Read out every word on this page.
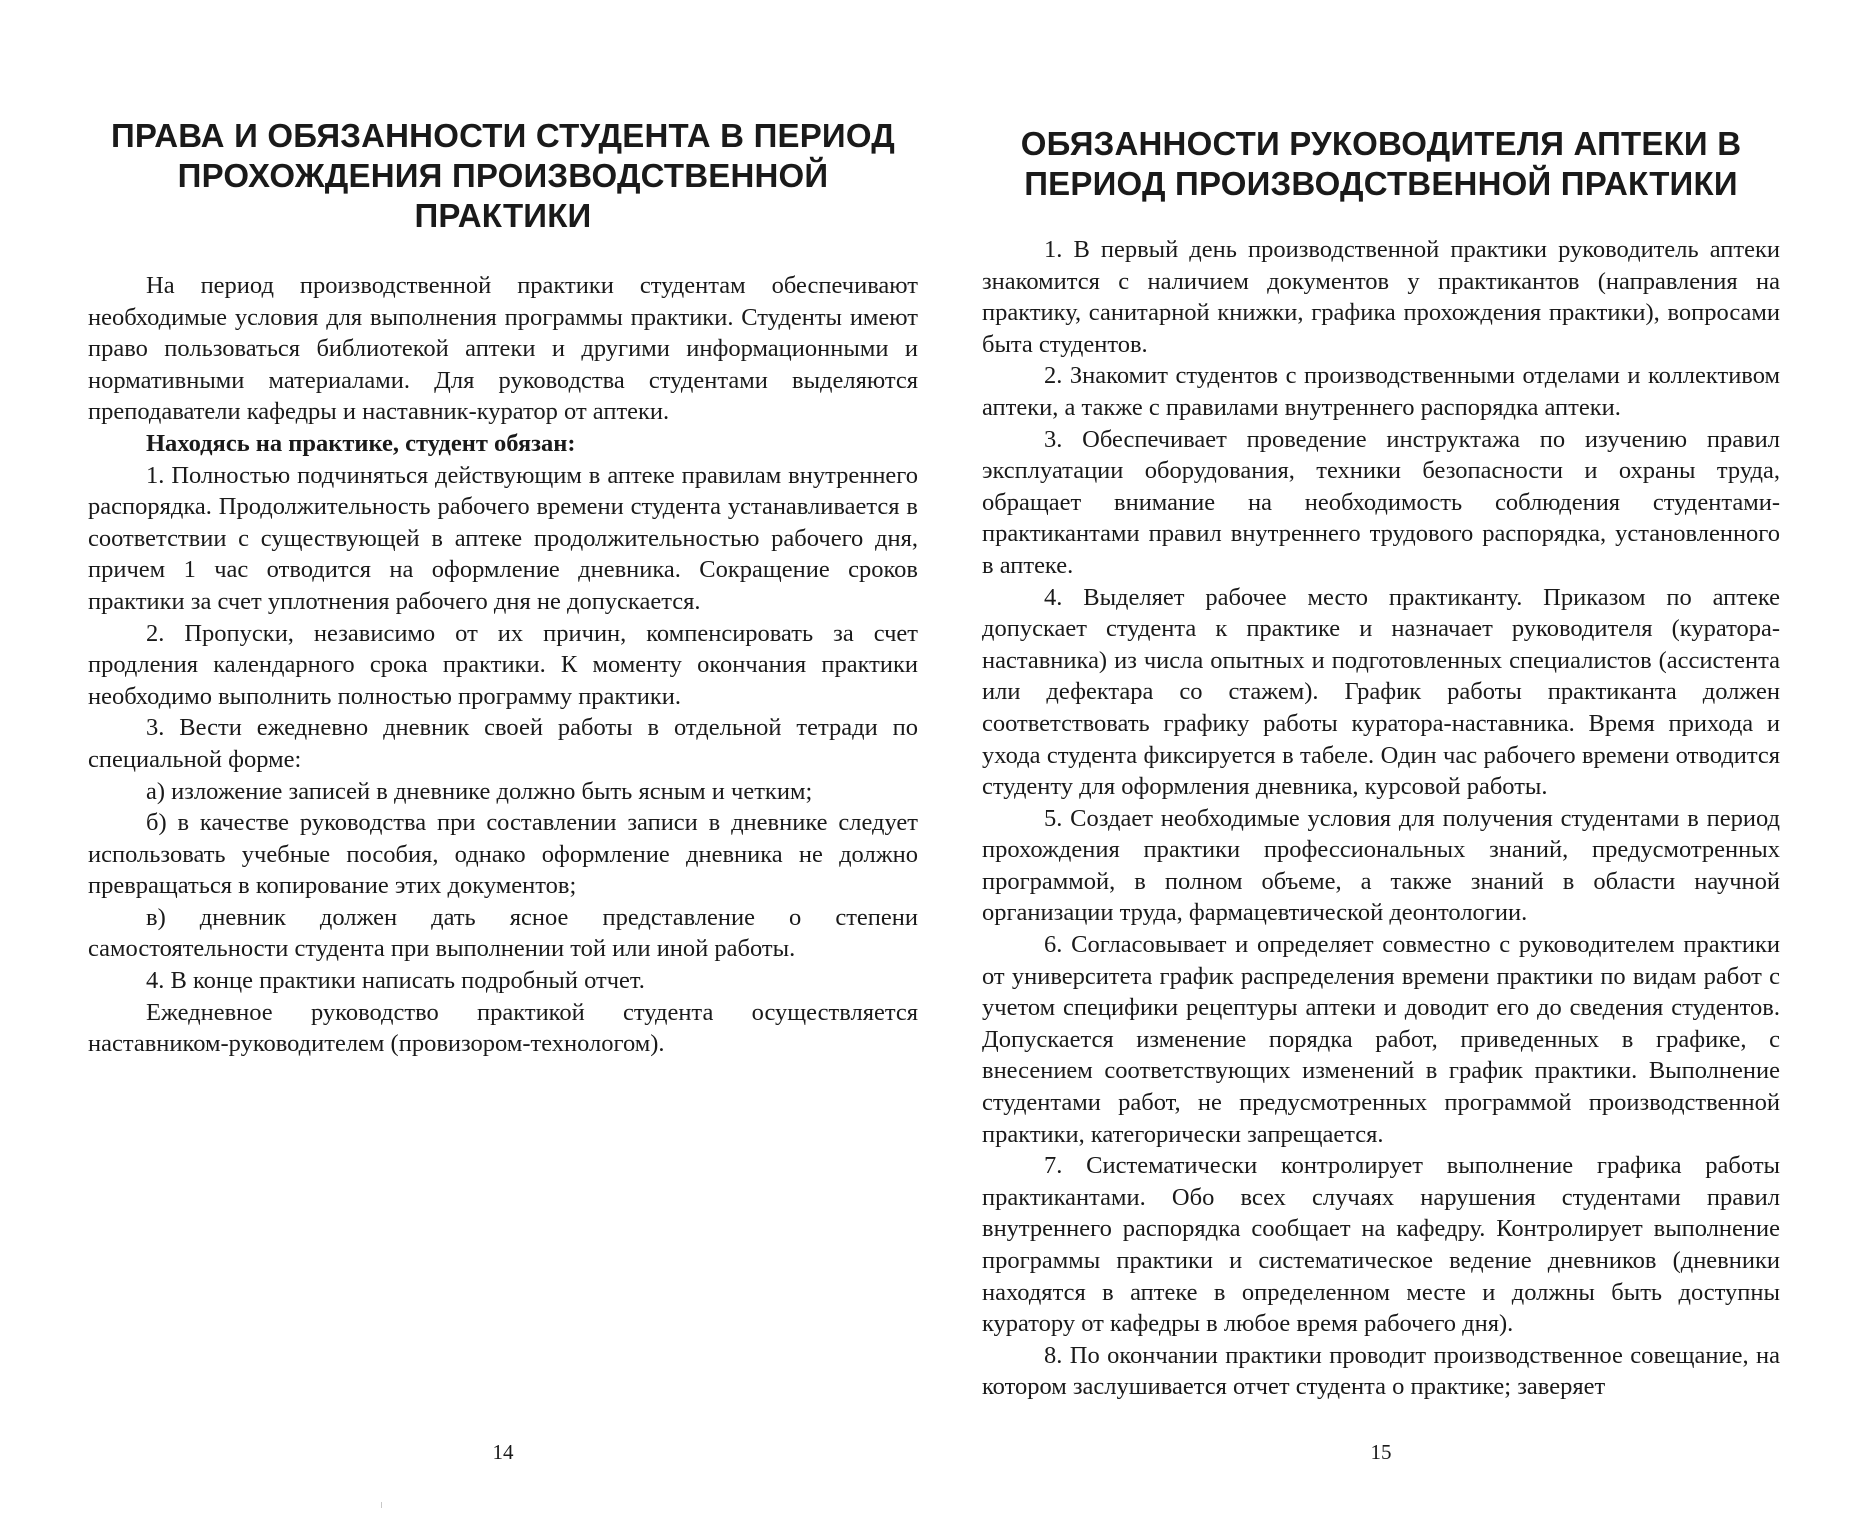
ПРАВА И ОБЯЗАННОСТИ СТУДЕНТА В ПЕРИОД ПРОХОЖДЕНИЯ ПРОИЗВОДСТВЕННОЙ ПРАКТИКИ

На период производственной практики студентам обеспечивают необходимые условия для выполнения программы практики. Студенты имеют право пользоваться библиотекой аптеки и другими информационными и нормативными материалами. Для руководства студентами выделяются преподаватели кафедры и наставник-куратор от аптеки.

Находясь на практике, студент обязан:

1. Полностью подчиняться действующим в аптеке правилам внутреннего распорядка. Продолжительность рабочего времени студента устанавливается в соответствии с существующей в аптеке продолжительностью рабочего дня, причем 1 час отводится на оформление дневника. Сокращение сроков практики за счет уплотнения рабочего дня не допускается.

2. Пропуски, независимо от их причин, компенсировать за счет продления календарного срока практики. К моменту окончания практики необходимо выполнить полностью программу практики.

3. Вести ежедневно дневник своей работы в отдельной тетради по специальной форме:

а) изложение записей в дневнике должно быть ясным и четким;

б) в качестве руководства при составлении записи в дневнике следует использовать учебные пособия, однако оформление дневника не должно превращаться в копирование этих документов;

в) дневник должен дать ясное представление о степени самостоятельности студента при выполнении той или иной работы.

4. В конце практики написать подробный отчет.

Ежедневное руководство практикой студента осуществляется наставником-руководителем (провизором-технологом).

14
ОБЯЗАННОСТИ РУКОВОДИТЕЛЯ АПТЕКИ В ПЕРИОД ПРОИЗВОДСТВЕННОЙ ПРАКТИКИ

1. В первый день производственной практики руководитель аптеки знакомится с наличием документов у практикантов (направления на практику, санитарной книжки, графика прохождения практики), вопросами быта студентов.

2. Знакомит студентов с производственными отделами и коллективом аптеки, а также с правилами внутреннего распорядка аптеки.

3. Обеспечивает проведение инструктажа по изучению правил эксплуатации оборудования, техники безопасности и охраны труда, обращает внимание на необходимость соблюдения студентами-практикантами правил внутреннего трудового распорядка, установленного в аптеке.

4. Выделяет рабочее место практиканту. Приказом по аптеке допускает студента к практике и назначает руководителя (куратора-наставника) из числа опытных и подготовленных специалистов (ассистента или дефектара со стажем). График работы практиканта должен соответствовать графику работы куратора-наставника. Время прихода и ухода студента фиксируется в табеле. Один час рабочего времени отводится студенту для оформления дневника, курсовой работы.

5. Создает необходимые условия для получения студентами в период прохождения практики профессиональных знаний, предусмотренных программой, в полном объеме, а также знаний в области научной организации труда, фармацевтической деонтологии.

6. Согласовывает и определяет совместно с руководителем практики от университета график распределения времени практики по видам работ с учетом специфики рецептуры аптеки и доводит его до сведения студентов. Допускается изменение порядка работ, приведенных в графике, с внесением соответствующих изменений в график практики. Выполнение студентами работ, не предусмотренных программой производственной практики, категорически запрещается.

7. Систематически контролирует выполнение графика работы практикантами. Обо всех случаях нарушения студентами правил внутреннего распорядка сообщает на кафедру. Контролирует выполнение программы практики и систематическое ведение дневников (дневники находятся в аптеке в определенном месте и должны быть доступны куратору от кафедры в любое время рабочего дня).

8. По окончании практики проводит производственное совещание, на котором заслушивается отчет студента о практике; заверяет

15
